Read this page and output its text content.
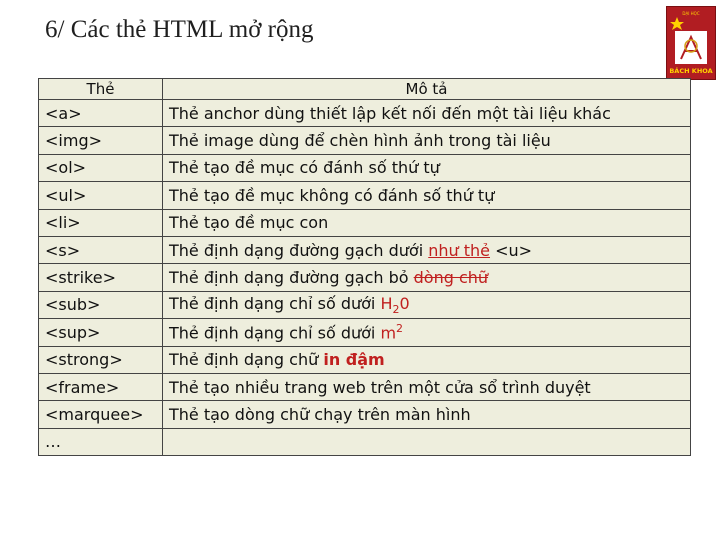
6/ Các thẻ HTML mở rộng
DẠI HỌC
BÁCH KHOA
Thẻ	Mô tả
<a>	Thẻ anchor dùng thiết lập kết nối đến một tài liệu khác
<img>	Thẻ image dùng để chèn hình ảnh trong tài liệu
<ol>	Thẻ tạo đề mục có đánh số thứ tự
<ul>	Thẻ tạo đề mục không có đánh số thứ tự
<li>	Thẻ tạo đề mục con
<s>	Thẻ định dạng đường gạch dưới như thẻ <u>
<strike>	Thẻ định dạng đường gạch bỏ dòng chữ
<sub>	Thẻ định dạng chỉ số dưới $H_20$
<sup>	Thẻ định dạng chỉ số dưới $m^2$
<strong>	Thẻ định dạng chữ in đậm
<frame>	Thẻ tạo nhiều trang web trên một cửa sổ trình duyệt
<marquee>	Thẻ tạo dòng chữ chạy trên màn hình
…	
